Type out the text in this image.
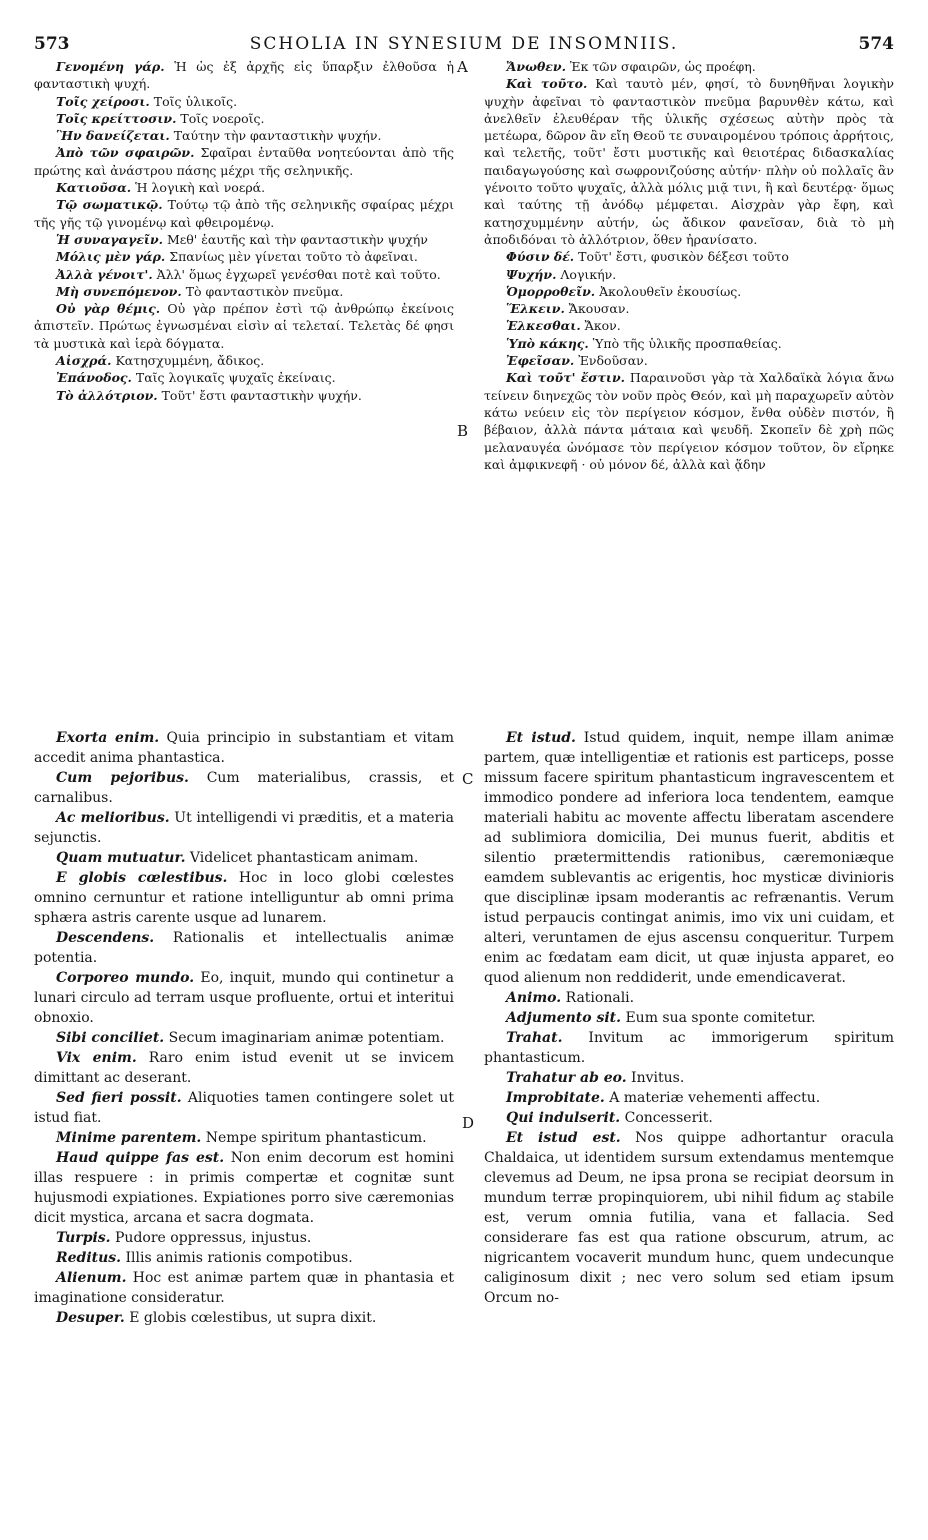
573	SCHOLIA IN SYNESIUM DE INSOMNIIS.	574

Γενομένη γάρ. Ἡ ὡς ἐξ ἀρχῆς εἰς ὕπαρξιν ἐλθοῦσα ἡ φανταστικὴ ψυχή.

Τοῖς χείροσι. Τοῖς ὑλικοῖς.

Τοῖς κρείττοσιν. Τοῖς νοεροῖς.

Ἣν δανείζεται. Ταύτην τὴν φανταστικὴν ψυχήν.

Ἀπὸ τῶν σφαιρῶν. Σφαῖραι ἐνταῦθα νοητεύονται ἀπὸ τῆς πρώτης καὶ ἀνάστρου πάσης μέχρι τῆς σεληνικῆς.

Κατιοῦσα. Ἡ λογικὴ καὶ νοερά.

Τῷ σωματικῷ. Τούτῳ τῷ ἀπὸ τῆς σεληνικῆς σφαίρας μέχρι τῆς γῆς τῷ γινομένῳ καὶ φθειρομένῳ.

Ἡ συναγαγεῖν. Μεθ' ἑαυτῆς καὶ τὴν φανταστικὴν ψυχήν

Μόλις μὲν γάρ. Σπανίως μὲν γίνεται τοῦτο τὸ ἀφεῖναι.

Ἀλλὰ γένοιτ'. Ἀλλ' ὅμως ἐγχωρεῖ γενέσθαι ποτὲ καὶ τοῦτο.

Μὴ συνεπόμενον. Τὸ φανταστικὸν πνεῦμα.

Οὐ γὰρ θέμις. Οὐ γὰρ πρέπον ἐστὶ τῷ ἀνθρώπῳ ἐκείνοις ἀπιστεῖν. Πρώτως ἐγνωσμέναι εἰσὶν αἱ τελεταί. Τελετὰς δέ φησι τὰ μυστικὰ καὶ ἱερὰ δόγματα.

Αἰσχρά. Κατησχυμμένη, ἄδικος.

Ἐπάνοδος. Ταῖς λογικαῖς ψυχαῖς ἐκείναις.

Τὸ ἀλλότριον. Τοῦτ' ἔστι φανταστικὴν ψυχήν.

Ἄνωθεν. Ἐκ τῶν σφαιρῶν, ὡς προέφη.

Καὶ τοῦτο. Καὶ ταυτὸ μέν, φησί, τὸ δυνηθῆναι λογικὴν ψυχὴν ἀφεῖναι τὸ φανταστικὸν πνεῦμα βαρυνθὲν κάτω, καὶ ἀνελθεῖν ἐλευθέραν τῆς ὑλικῆς σχέσεως αὐτὴν πρὸς τὰ μετέωρα, δῶρον ἂν εἴη Θεοῦ τε συναιρομένου τρόποις ἀρρήτοις, καὶ τελετῆς, τοῦτ' ἔστι μυστικῆς καὶ θειοτέρας διδασκαλίας παιδαγωγούσης καὶ σωφρονιζούσης αὐτήν· πλὴν οὐ πολλαῖς ἂν γένοιτο τοῦτο ψυχαῖς, ἀλλὰ μόλις μιᾷ τινι, ἢ καὶ δευτέρᾳ· ὅμως καὶ ταύτης τῇ ἀνόδῳ μέμφεται. Αἰσχρὰν γὰρ ἔφη, καὶ κατησχυμμένην αὐτήν, ὡς ἄδικον φανεῖσαν, διὰ τὸ μὴ ἀποδιδόναι τὸ ἀλλότριον, ὅθεν ἠρανίσατο.

Φύσιν δέ. Τοῦτ' ἔστι, φυσικὸν δέξεσι τοῦτο

Ψυχήν. Λογικήν.

Ὁμορροθεῖν. Ἀκολουθεῖν ἑκουσίως.

Ἕλκειν. Ἄκουσαν.

Ἑλκεσθαι. Ἄκον.

Ὑπὸ κάκης. Ὑπὸ τῆς ὑλικῆς προσπαθείας.

Ἐφεῖσαν. Ἐνδοῦσαν.

Καὶ τοῦτ' ἔστιν. Παραινοῦσι γὰρ τὰ Χαλδαϊκὰ λόγια ἄνω τείνειν διηνεχῶς τὸν νοῦν πρὸς Θεόν, καὶ μὴ παραχωρεῖν αὐτὸν κάτω νεύειν εἰς τὸν περίγειον κόσμον, ἔνθα οὐδὲν πιστόν, ἢ βέβαιον, ἀλλὰ πάντα μάταια καὶ ψευδῆ. Σκοπεῖν δὲ χρὴ πῶς μελαναυγέα ὠνόμασε τὸν περίγειον κόσμον τοῦτον, ὃν εἴρηκε καὶ ἀμφικνεφῆ · οὐ μόνον δέ, ἀλλὰ καὶ ᾅδην

Exorta enim. Quia principio in substantiam et vitam accedit anima phantastica.

Cum pejoribus. Cum materialibus, crassis, et carnalibus.

Ac melioribus. Ut intelligendi vi præditis, et a materia sejunctis.

Quam mutuatur. Videlicet phantasticam animam.

E globis cœlestibus. Hoc in loco globi cœlestes omnino cernuntur et ratione intelliguntur ab omni prima sphæra astris carente usque ad lunarem.

Descendens. Rationalis et intellectualis animæ potentia.

Corporeo mundo. Eo, inquit, mundo qui continetur a lunari circulo ad terram usque profluente, ortui et interitui obnoxio.

Sibi conciliet. Secum imaginariam animæ potentiam.

Vix enim. Raro enim istud evenit ut se invicem dimittant ac deserant.

Sed fieri possit. Aliquoties tamen contingere solet ut istud fiat.

Minime parentem. Nempe spiritum phantasticum.

Haud quippe fas est. Non enim decorum est homini illas respuere : in primis compertæ et cognitæ sunt hujusmodi expiationes. Expiationes porro sive cæremonias dicit mystica, arcana et sacra dogmata.

Turpis. Pudore oppressus, injustus.

Reditus. Illis animis rationis compotibus.

Alienum. Hoc est animæ partem quæ in phantasia et imaginatione consideratur.

Desuper. E globis cœlestibus, ut supra dixit.

Et istud. Istud quidem, inquit, nempe illam animæ partem, quæ intelligentiæ et rationis est particeps, posse missum facere spiritum phantasticum ingravescentem et immodico pondere ad inferiora loca tendentem, eamque materiali habitu ac movente affectu liberatam ascendere ad sublimiora domicilia, Dei munus fuerit, abditis et silentio prætermittendis rationibus, cæremoniæque eamdem sublevantis ac erigentis, hoc mysticæ divinioris que disciplinæ ipsam moderantis ac refrænantis. Verum istud perpaucis contingat animis, imo vix uni cuidam, et alteri, veruntamen de ejus ascensu conqueritur. Turpem enim ac fœdatam eam dicit, ut quæ injusta apparet, eo quod alienum non reddiderit, unde emendicaverat.

Animo. Rationali.

Adjumento sit. Eum sua sponte comitetur.

Trahat. Invitum ac immorigerum spiritum phantasticum.

Trahatur ab eo. Invitus.

Improbitate. A materiæ vehementi affectu.

Qui indulserit. Concesserit.

Et istud est. Nos quippe adhortantur oracula Chaldaica, ut identidem sursum extendamus mentemque clevemus ad Deum, ne ipsa prona se recipiat deorsum in mundum terræ propinquiorem, ubi nihil fidum aç stabile est, verum omnia futilia, vana et fallacia. Sed considerare fas est qua ratione obscurum, atrum, ac nigricantem vocaverit mundum hunc, quem undecunque caliginosum dixit ; nec vero solum sed etiam ipsum Orcum no-

A
B
C
D
